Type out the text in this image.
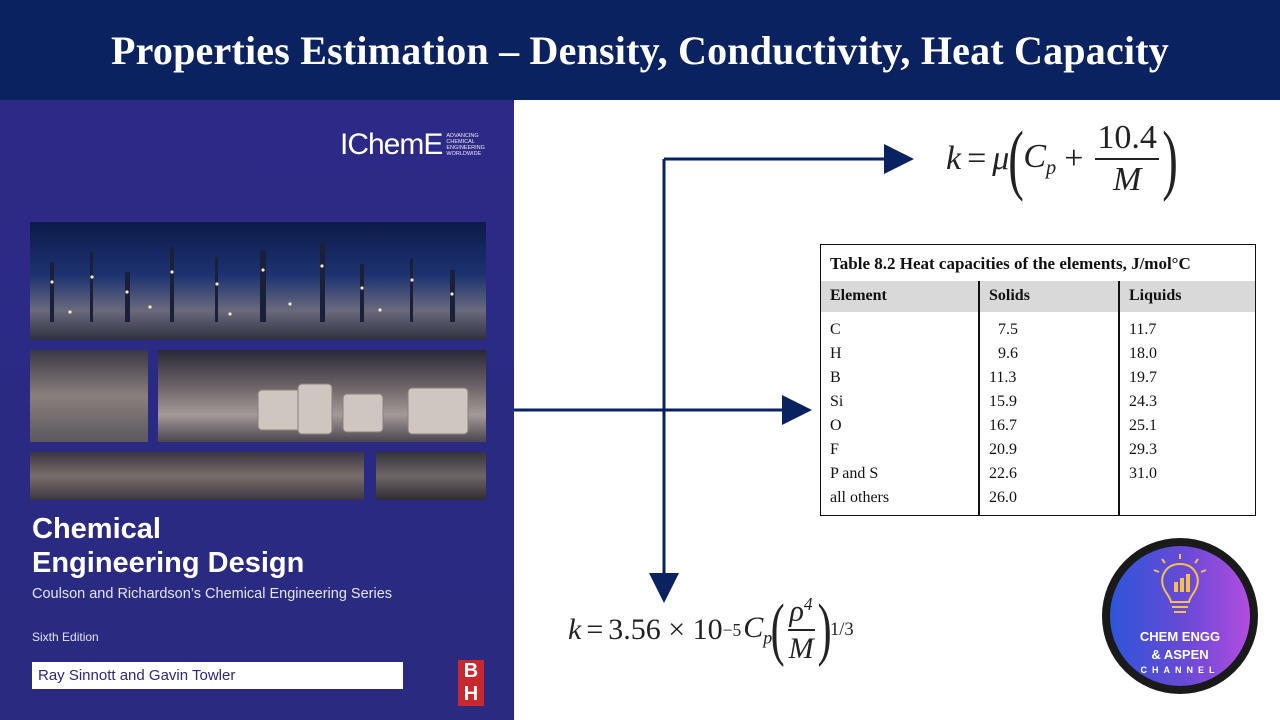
Properties Estimation – Density, Conductivity, Heat Capacity
IChemE ADVANCING CHEMICAL ENGINEERING WORLDWIDE
Chemical
Engineering Design
Coulson and Richardson’s Chemical Engineering Series
Sixth Edition
Ray Sinnott and Gavin Towler	B
H
k = μ ( $C_p + \frac{10.4}{M}$ )
Table 8.2 Heat capacities of the elements, J/mol°C
Element	Solids	Liquids
C	7.5	11.7
H	9.6	18.0
B	11.3	19.7
Si	15.9	24.3
O	16.7	25.1
F	20.9	29.3
P and S	22.6	31.0
all others	26.0
k = 3.56 × 10 −5 $C_p$
( $\frac{\rho^4}{M}$ )
1/3	CHEM ENGG
& ASPEN
CHANNEL
